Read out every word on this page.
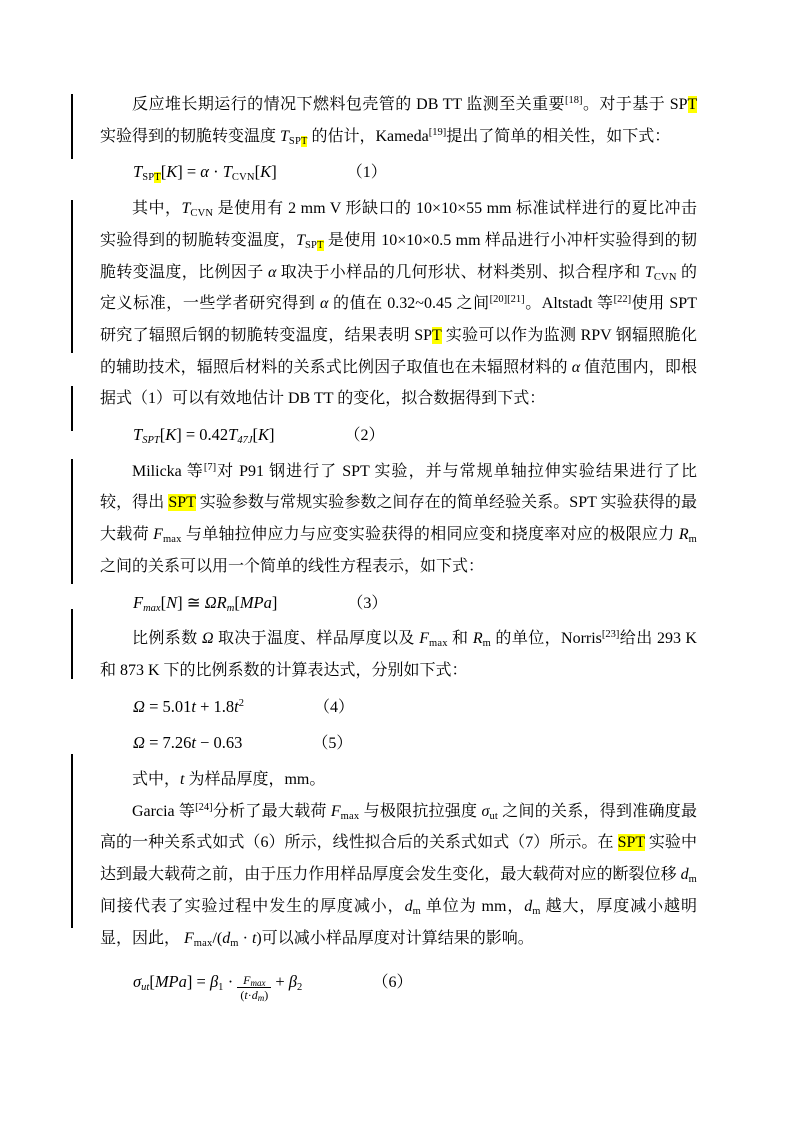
反应堆长期运行的情况下燃料包壳管的 DB TT 监测至关重要[18]。对于基于 SPT 实验得到的韧脆转变温度 TSPT 的估计，Kameda[19]提出了简单的相关性，如下式：

TSPT[K] = α · TCVN[K]	（1）

其中，TCVN 是使用有 2 mm V 形缺口的 10×10×55 mm 标准试样进行的夏比冲击实验得到的韧脆转变温度，TSPT 是使用 10×10×0.5 mm 样品进行小冲杆实验得到的韧脆转变温度，比例因子 α 取决于小样品的几何形状、材料类别、拟合程序和 TCVN 的定义标准，一些学者研究得到 α 的值在 0.32~0.45 之间[20][21]。Altstadt 等[22]使用 SPT 研究了辐照后钢的韧脆转变温度，结果表明 SPT 实验可以作为监测 RPV 钢辐照脆化的辅助技术，辐照后材料的关系式比例因子取值也在未辐照材料的 α 值范围内，即根据式（1）可以有效地估计 DB TT 的变化，拟合数据得到下式：

TSPT[K] = 0.42T47J[K]	（2）

Milicka 等[7]对 P91 钢进行了 SPT 实验，并与常规单轴拉伸实验结果进行了比较，得出 SPT 实验参数与常规实验参数之间存在的简单经验关系。SPT 实验获得的最大载荷 Fmax 与单轴拉伸应力与应变实验获得的相同应变和挠度率对应的极限应力 Rm 之间的关系可以用一个简单的线性方程表示，如下式：

Fmax[N] ≅ ΩRm[MPa]	（3）

比例系数 Ω 取决于温度、样品厚度以及 Fmax 和 Rm 的单位，Norris[23]给出 293 K 和 873 K 下的比例系数的计算表达式，分别如下式：

$\Omega = 5.01t + 1.8t^2$	（4）
Ω = 7.26t − 0.63	（5）

式中，t 为样品厚度，mm。

Garcia 等[24]分析了最大载荷 Fmax 与极限抗拉强度 σut 之间的关系，得到准确度最高的一种关系式如式（6）所示，线性拟合后的关系式如式（7）所示。在 SPT 实验中达到最大载荷之前，由于压力作用样品厚度会发生变化，最大载荷对应的断裂位移 dm 间接代表了实验过程中发生的厚度减小，dm 单位为 mm，dm 越大，厚度减小越明显，因此， Fmax/(dm · t)可以减小样品厚度对计算结果的影响。

$\sigma ut[MPa] = \beta 1 \cdot \frac{Fmax}{(t\cdot dm)} + \beta 2$	（6）
